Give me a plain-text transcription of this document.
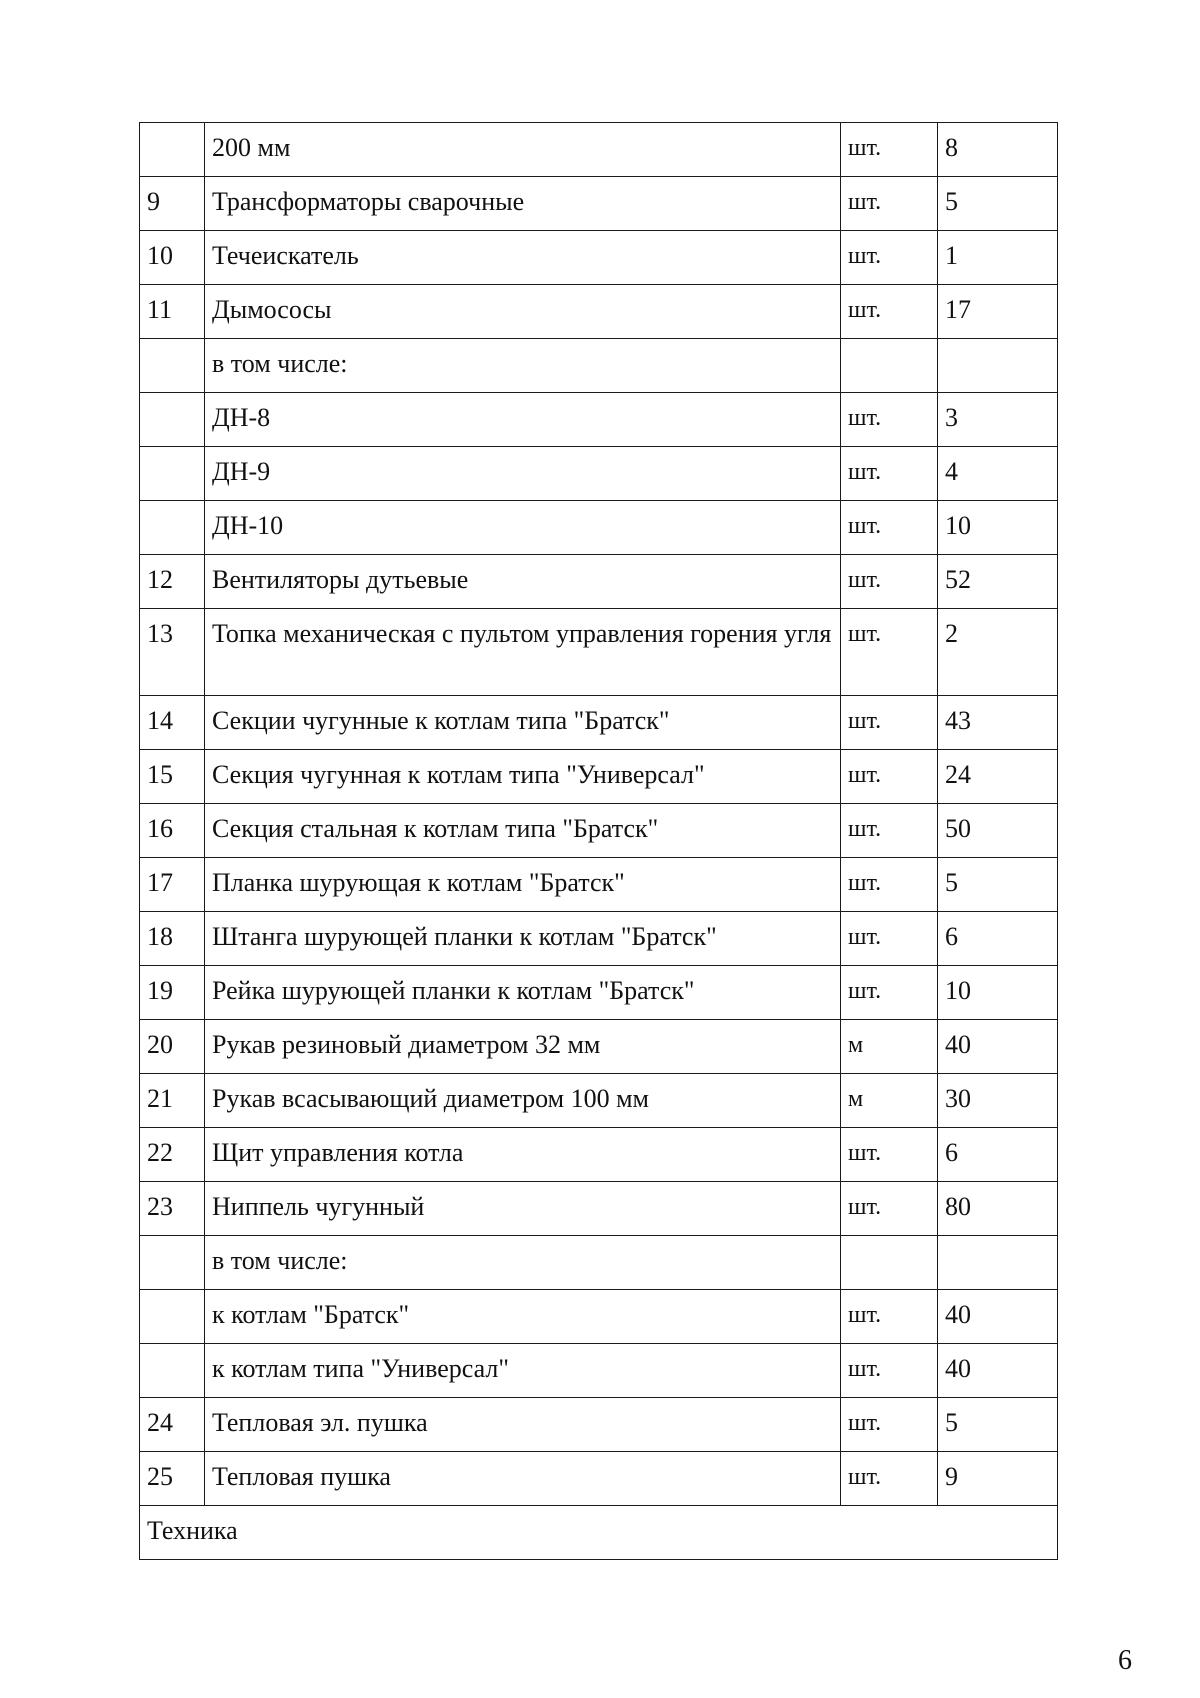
	200 мм	шт.	8
9	Трансформаторы сварочные	шт.	5
10	Течеискатель	шт.	1
11	Дымососы	шт.	17
	в том числе:		
	ДН-8	шт.	3
	ДН-9	шт.	4
	ДН-10	шт.	10
12	Вентиляторы дутьевые	шт.	52
13	Топка механическая с пультом управления горения угля	шт.	2
14	Секции чугунные к котлам типа "Братск"	шт.	43
15	Секция чугунная к котлам типа "Универсал"	шт.	24
16	Секция стальная к котлам типа "Братск"	шт.	50
17	Планка шурующая к котлам "Братск"	шт.	5
18	Штанга шурующей планки к котлам "Братск"	шт.	6
19	Рейка шурующей планки к котлам "Братск"	шт.	10
20	Рукав резиновый диаметром 32 мм	м	40
21	Рукав всасывающий диаметром 100 мм	м	30
22	Щит управления котла	шт.	6
23	Ниппель чугунный	шт.	80
	в том числе:		
	к котлам "Братск"	шт.	40
	к котлам типа "Универсал"	шт.	40
24	Тепловая эл. пушка	шт.	5
25	Тепловая пушка	шт.	9
Техника			
6
